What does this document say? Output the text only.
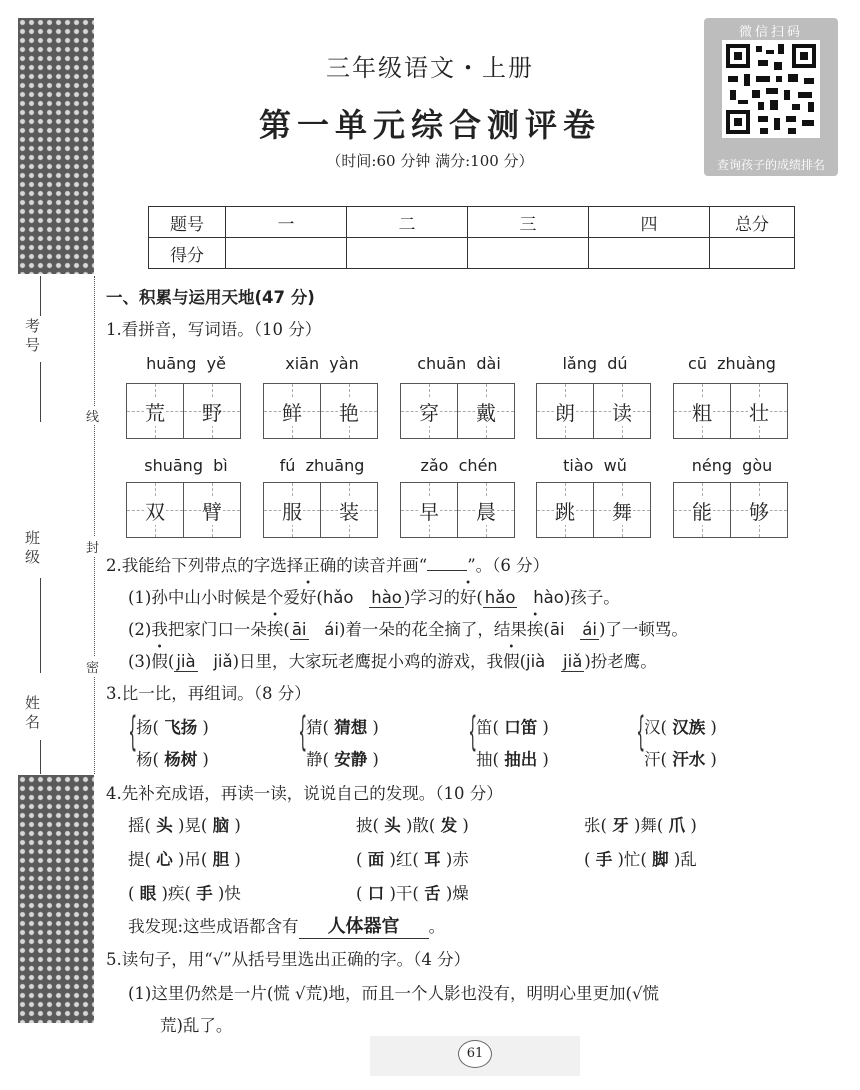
考号
班级
姓名
线
封
密
三年级语文・上册
第一单元综合测评卷
（时间:60 分钟 满分:100 分）
微信扫码
查询孩子的成绩排名
题号	一	二	三	四	总分
得分					
一、积累与运用天地(47 分)
1.看拼音，写词语。（10 分）
huāng yě	xiān yàn	chuān dài	lǎng dú	cū zhuàng
荒 野	鲜 艳	穿 戴	朗 读	粗 壮
shuāng bì	fú zhuāng	zǎo chén	tiào wǔ	néng gòu
双 臂	服 装	早 晨	跳 舞	能 够
2.我能给下列带点的字选择正确的读音并画“ ”。（6 分）
(1)孙中山小时候是个爱好(hǎo hào )学习的好( hǎo hào)孩子。
(2)我把家门口一朵挨( āi ái)着一朵的花全摘了，结果挨(āi ái )了一顿骂。
(3)假( jià jiǎ)日里，大家玩老鹰捉小鸡的游戏，我假(jià jiǎ )扮老鹰。
3.比一比，再组词。（8 分）
{
扬( 飞扬 )
杨( 杨树 )
{
猜( 猜想 )
静( 安静 )
{
笛( 口笛 )
抽( 抽出 )
{
汉( 汉族 )
汗( 汗水 )
4.先补充成语，再读一读，说说自己的发现。（10 分）
摇( 头 )晃( 脑 )	披( 头 )散( 发 )	张( 牙 )舞( 爪 )
提( 心 )吊( 胆 )	( 面 )红( 耳 )赤	( 手 )忙( 脚 )乱
( 眼 )疾( 手 )快	( 口 )干( 舌 )燥
我发现:这些成语都含有 人体器官 。
5.读句子，用“√”从括号里选出正确的字。（4 分）
(1)这里仍然是一片(慌 √荒)地，而且一个人影也没有，明明心里更加(√慌
荒)乱了。
61
